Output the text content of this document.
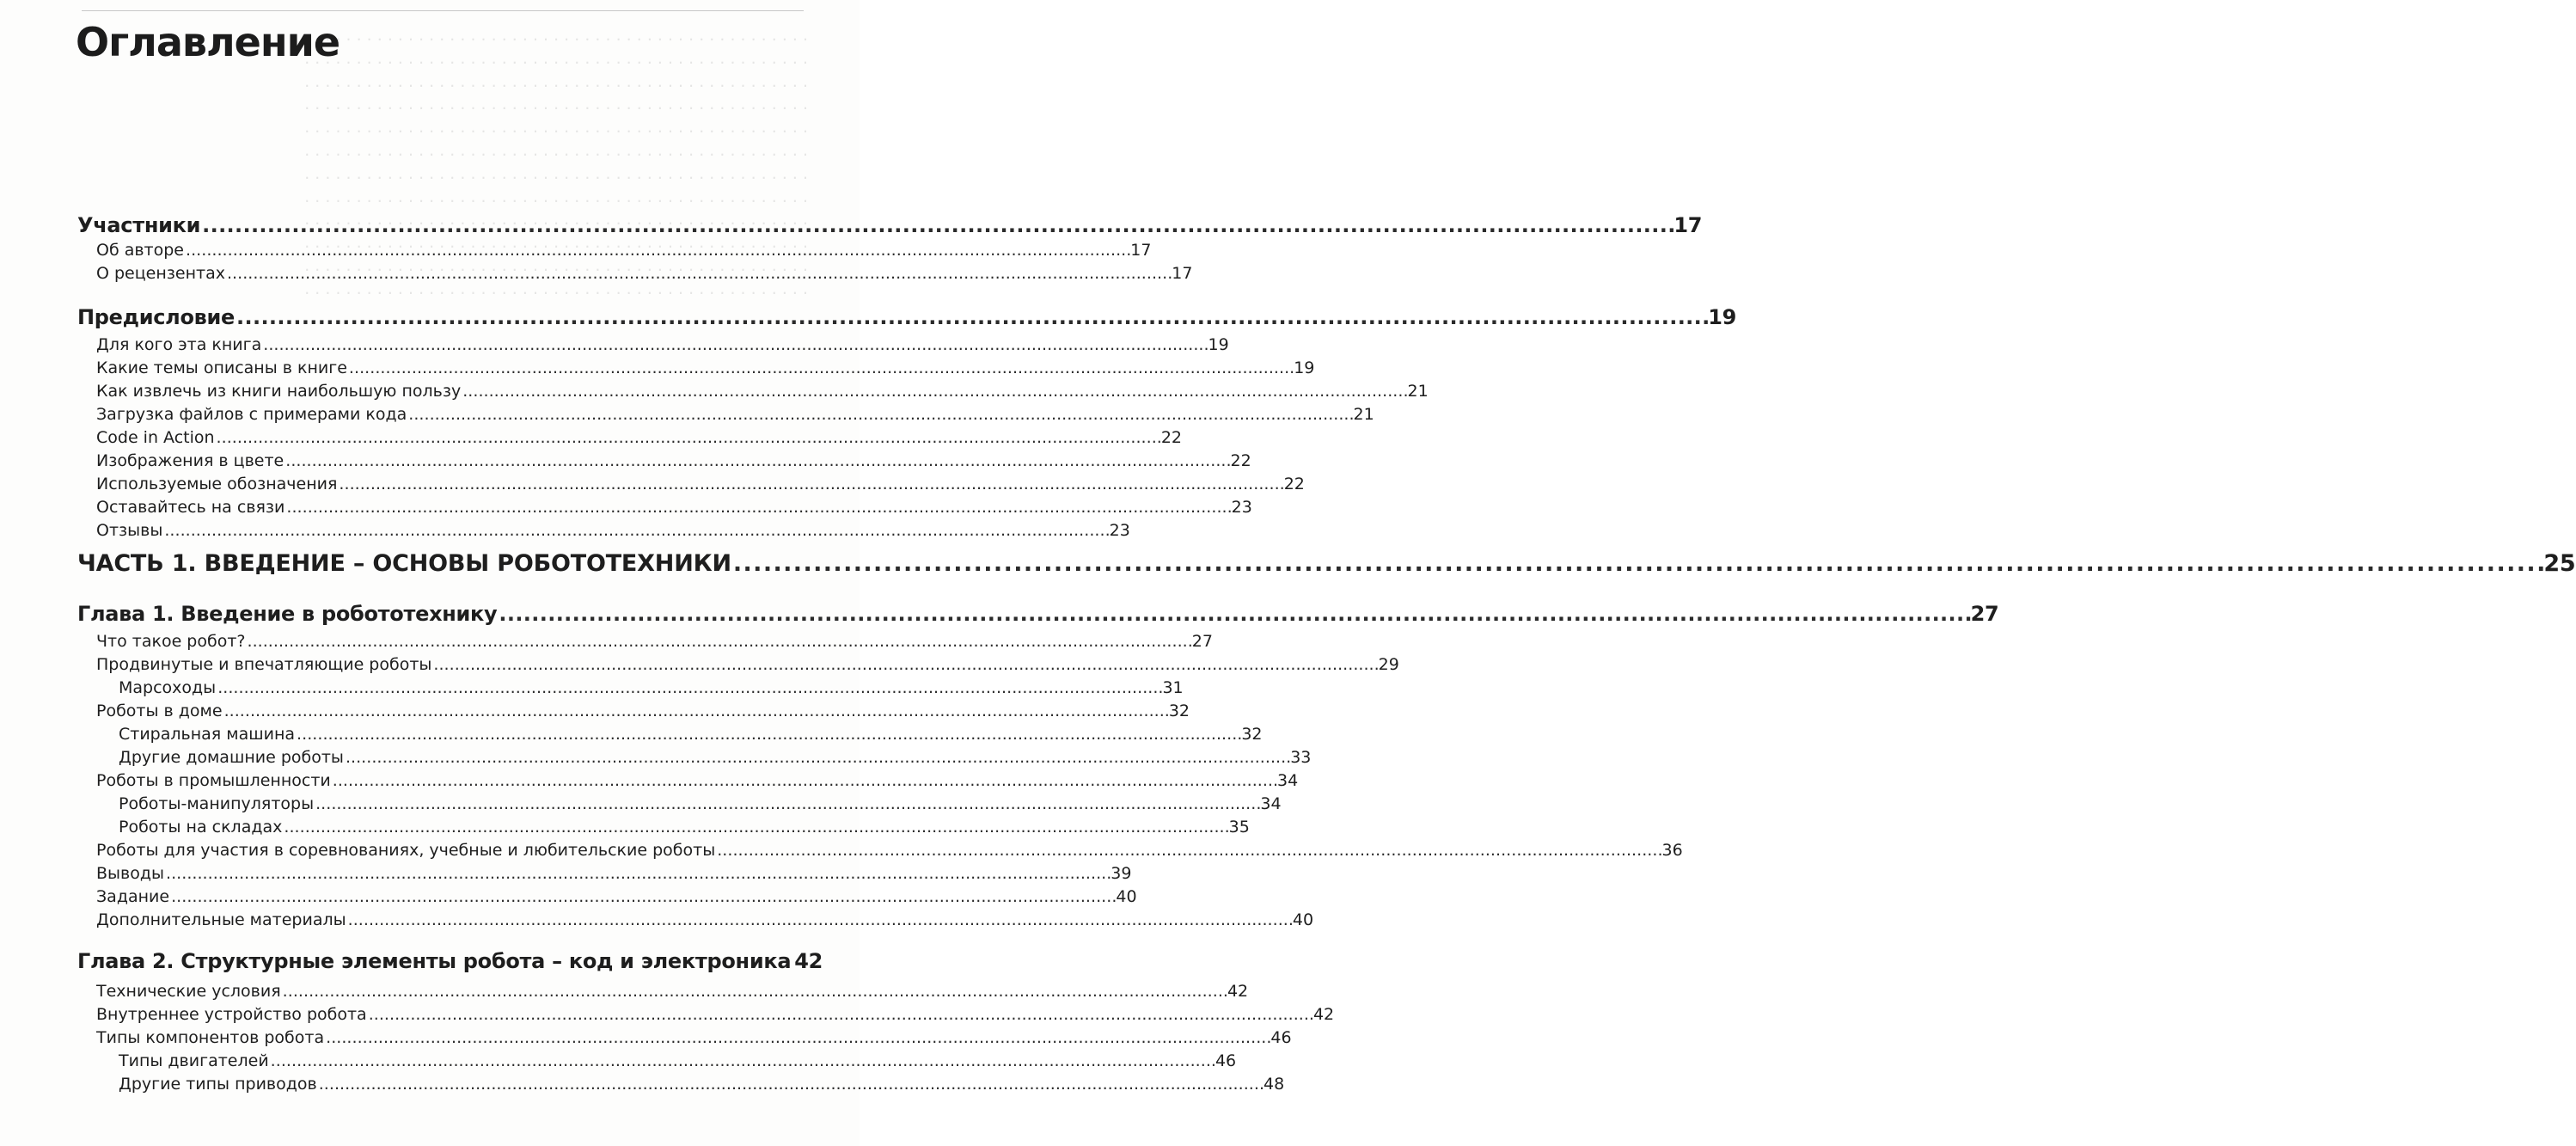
. . . . . . . . . . . . . . . . . . . . . . . . . . . . . . . . . . . . . . . . . . . . . . . . .
. . . . . . . . . . . . . . . . . . . . . . . . . . . . . . . . . . . . . . . . . . . . . . . . .
. . . . . . . . . . . . . . . . . . . . . . . . . . . . . . . . . . . . . . . . . . . . . . . . .
. . . . . . . . . . . . . . . . . . . . . . . . . . . . . . . . . . . . . . . . . . . . . . . . .
. . . . . . . . . . . . . . . . . . . . . . . . . . . . . . . . . . . . . . . . . . . . . . . . .
. . . . . . . . . . . . . . . . . . . . . . . . . . . . . . . . . . . . . . . . . . . . . . . . .
. . . . . . . . . . . . . . . . . . . . . . . . . . . . . . . . . . . . . . . . . . . . . . . . .
. . . . . . . . . . . . . . . . . . . . . . . . . . . . . . . . . . . . . . . . . . . . . . . . .
. . . . . . . . . . . . . . . . . . . . . . . . . . . . . . . . . . . . . . . . . . . . . . . . .
. . . . . . . . . . . . . . . . . . . . . . . . . . . . . . . . . . . . . . . . . . . . . . . . .
. . . . . . . . . . . . . . . . . . . . . . . . . . . . . . . . . . . . . . . . . . . . . . . . .
. . . . . . . . . . . . . . . . . . . . . . . . . . . . . . . . . . . . . . . . . . . . . . . . .
Оглавление
Участники . . .	17
Об авторе . . .	17
О рецензентах . . .	17
Предисловие . . .	19
Для кого эта книга . . .	19
Какие темы описаны в книге . . .	19
Как извлечь из книги наибольшую пользу . . .	21
Загрузка файлов с примерами кода . . .	21
Code in Action . . .	22
Изображения в цвете . . .	22
Используемые обозначения . . .	22
Оставайтесь на связи . . .	23
Отзывы . . .	23
ЧАСТЬ 1. ВВЕДЕНИЕ – ОСНОВЫ РОБОТОТЕХНИКИ . . .	25
Глава 1. Введение в робототехнику . . .	27
Что такое робот? . . .	27
Продвинутые и впечатляющие роботы . . .	29
Марсоходы . . .	31
Роботы в доме . . .	32
Стиральная машина . . .	32
Другие домашние роботы . . .	33
Роботы в промышленности . . .	34
Роботы-манипуляторы . . .	34
Роботы на складах . . .	35
Роботы для участия в соревнованиях, учебные и любительские роботы . . .	36
Выводы . . .	39
Задание . . .	40
Дополнительные материалы . . .	40
Глава 2. Структурные элементы робота – код и электроника 42
Технические условия . . .	42
Внутреннее устройство робота . . .	42
Типы компонентов робота . . .	46
Типы двигателей . . .	46
Другие типы приводов . . .	48
